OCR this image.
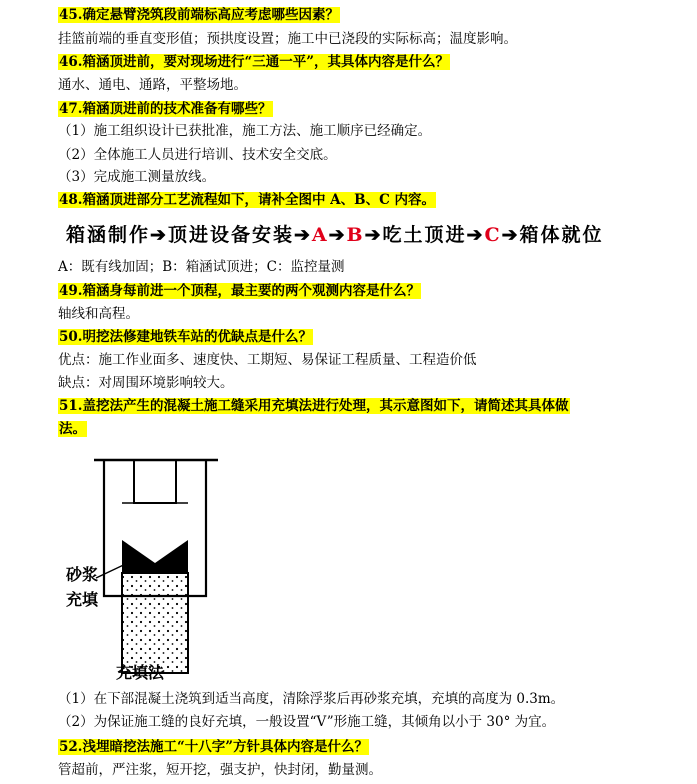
45.确定悬臂浇筑段前端标高应考虑哪些因素？
挂篮前端的垂直变形值；预拱度设置；施工中已浇段的实际标高；温度影响。
46.箱涵顶进前，要对现场进行“三通一平”，其具体内容是什么？
通水、通电、通路，平整场地。
47.箱涵顶进前的技术准备有哪些？
（1）施工组织设计已获批准，施工方法、施工顺序已经确定。
（2）全体施工人员进行培训、技术安全交底。
（3）完成施工测量放线。
48.箱涵顶进部分工艺流程如下，请补全图中 A、B、C 内容。
A：既有线加固；B：箱涵试顶进；C：监控量测
49.箱涵身每前进一个顶程，最主要的两个观测内容是什么？
轴线和高程。
50.明挖法修建地铁车站的优缺点是什么？
优点：施工作业面多、速度快、工期短、易保证工程质量、工程造价低
缺点：对周围环境影响较大。
51.盖挖法产生的混凝土施工缝采用充填法进行处理，其示意图如下，请简述其具体做
法。
（1）在下部混凝土浇筑到适当高度，清除浮浆后再砂浆充填，充填的高度为 0.3m。
（2）为保证施工缝的良好充填，一般设置“V”形施工缝，其倾角以小于 30° 为宜。
52.浅埋暗挖法施工“十八字”方针具体内容是什么？
管超前，严注浆，短开挖，强支护，快封闭，勤量测。
箱涵制作➔顶进设备安装➔A➔B➔吃土顶进➔C➔箱体就位
砂浆
充填
充填法
